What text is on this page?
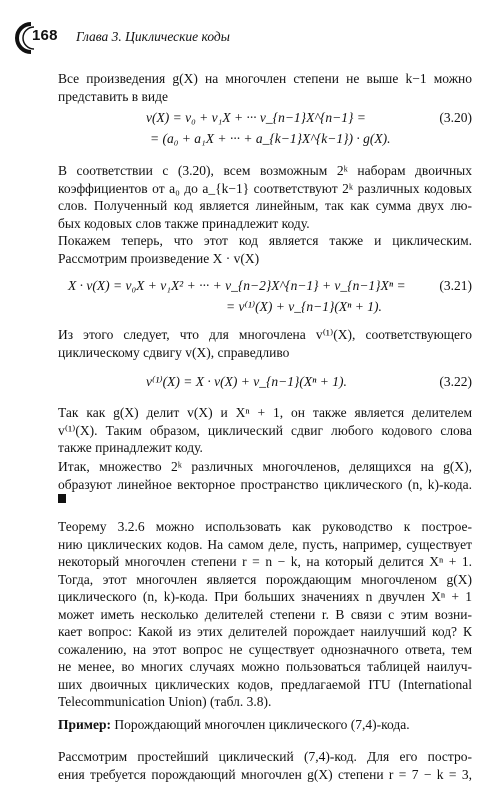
168 Глава 3. Циклические коды
Все произведения g(X) на многочлен степени не выше k−1 можно
представить в виде
v(X) = v₀ + v₁X + ··· v_{n−1}X^{n−1} =	(3.20)
= (a₀ + a₁X + ··· + a_{k−1}X^{k−1}) · g(X).
В соответствии с (3.20), всем возможным 2ᵏ наборам двоичных
коэффициентов от a₀ до a_{k−1} соответствуют 2ᵏ различных кодовых
слов. Полученный код является линейным, так как сумма двух лю-
бых кодовых слов также принадлежит коду.
Покажем теперь, что этот код является также и циклическим.
Рассмотрим произведение X · v(X)
X · v(X) = v₀X + v₁X² + ··· + v_{n−2}X^{n−1} + v_{n−1}Xⁿ =	(3.21)
= v⁽¹⁾(X) + v_{n−1}(Xⁿ + 1).
Из этого следует, что для многочлена v⁽¹⁾(X), соответствующего
циклическому сдвигу v(X), справедливо
v⁽¹⁾(X) = X · v(X) + v_{n−1}(Xⁿ + 1).	(3.22)
Так как g(X) делит v(X) и Xⁿ + 1, он также является делителем
v⁽¹⁾(X). Таким образом, циклический сдвиг любого кодового слова
также принадлежит коду.
Итак, множество 2ᵏ различных многочленов, делящихся на g(X),
образуют линейное векторное пространство циклического (n, k)-кода.
Теорему 3.2.6 можно использовать как руководство к построе-
нию циклических кодов. На самом деле, пусть, например, существует
некоторый многочлен степени r = n − k, на который делится Xⁿ + 1.
Тогда, этот многочлен является порождающим многочленом g(X)
циклического (n, k)-кода. При больших значениях n двучлен Xⁿ + 1
может иметь несколько делителей степени r. В связи с этим возни-
кает вопрос: Какой из этих делителей порождает наилучший код? К
сожалению, на этот вопрос не существует однозначного ответа, тем
не менее, во многих случаях можно пользоваться таблицей наилуч-
ших двоичных циклических кодов, предлагаемой ITU (International
Telecommunication Union) (табл. 3.8).
Пример: Порождающий многочлен циклического (7,4)-кода.
Рассмотрим простейший циклический (7,4)-код. Для его постро-
ения требуется порождающий многочлен g(X) степени r = 7 − k = 3,
